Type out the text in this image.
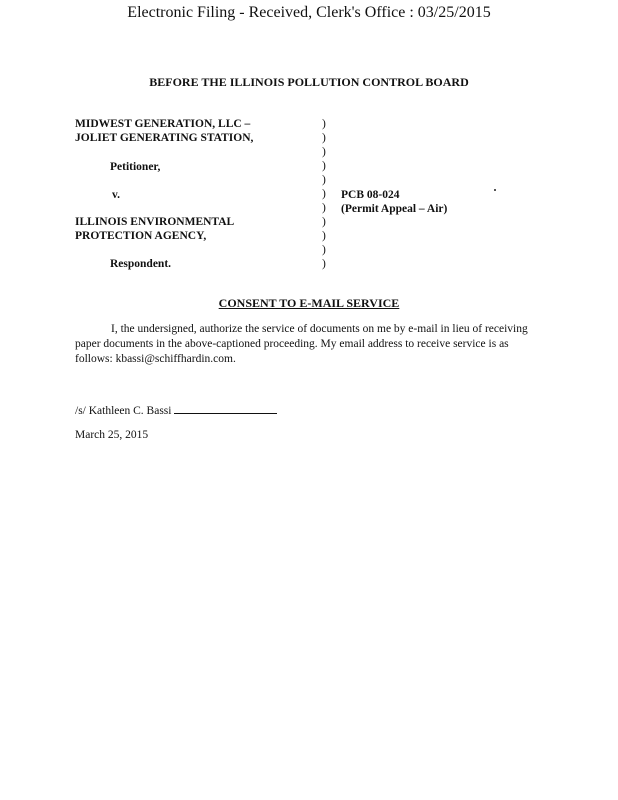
Electronic Filing - Received, Clerk's Office : 03/25/2015
BEFORE THE ILLINOIS POLLUTION CONTROL BOARD
MIDWEST GENERATION, LLC –
JOLIET GENERATING STATION,
Petitioner,
v.
ILLINOIS ENVIRONMENTAL
PROTECTION AGENCY,
Respondent.
PCB 08-024
(Permit Appeal – Air)
)
)
)
)
)
)
)
)
)
)
)
CONSENT TO E-MAIL SERVICE
I, the undersigned, authorize the service of documents on me by e-mail in lieu of receiving paper documents in the above-captioned proceeding. My email address to receive service is as follows: kbassi@schiffhardin.com.
/s/ Kathleen C. Bassi
March 25, 2015
